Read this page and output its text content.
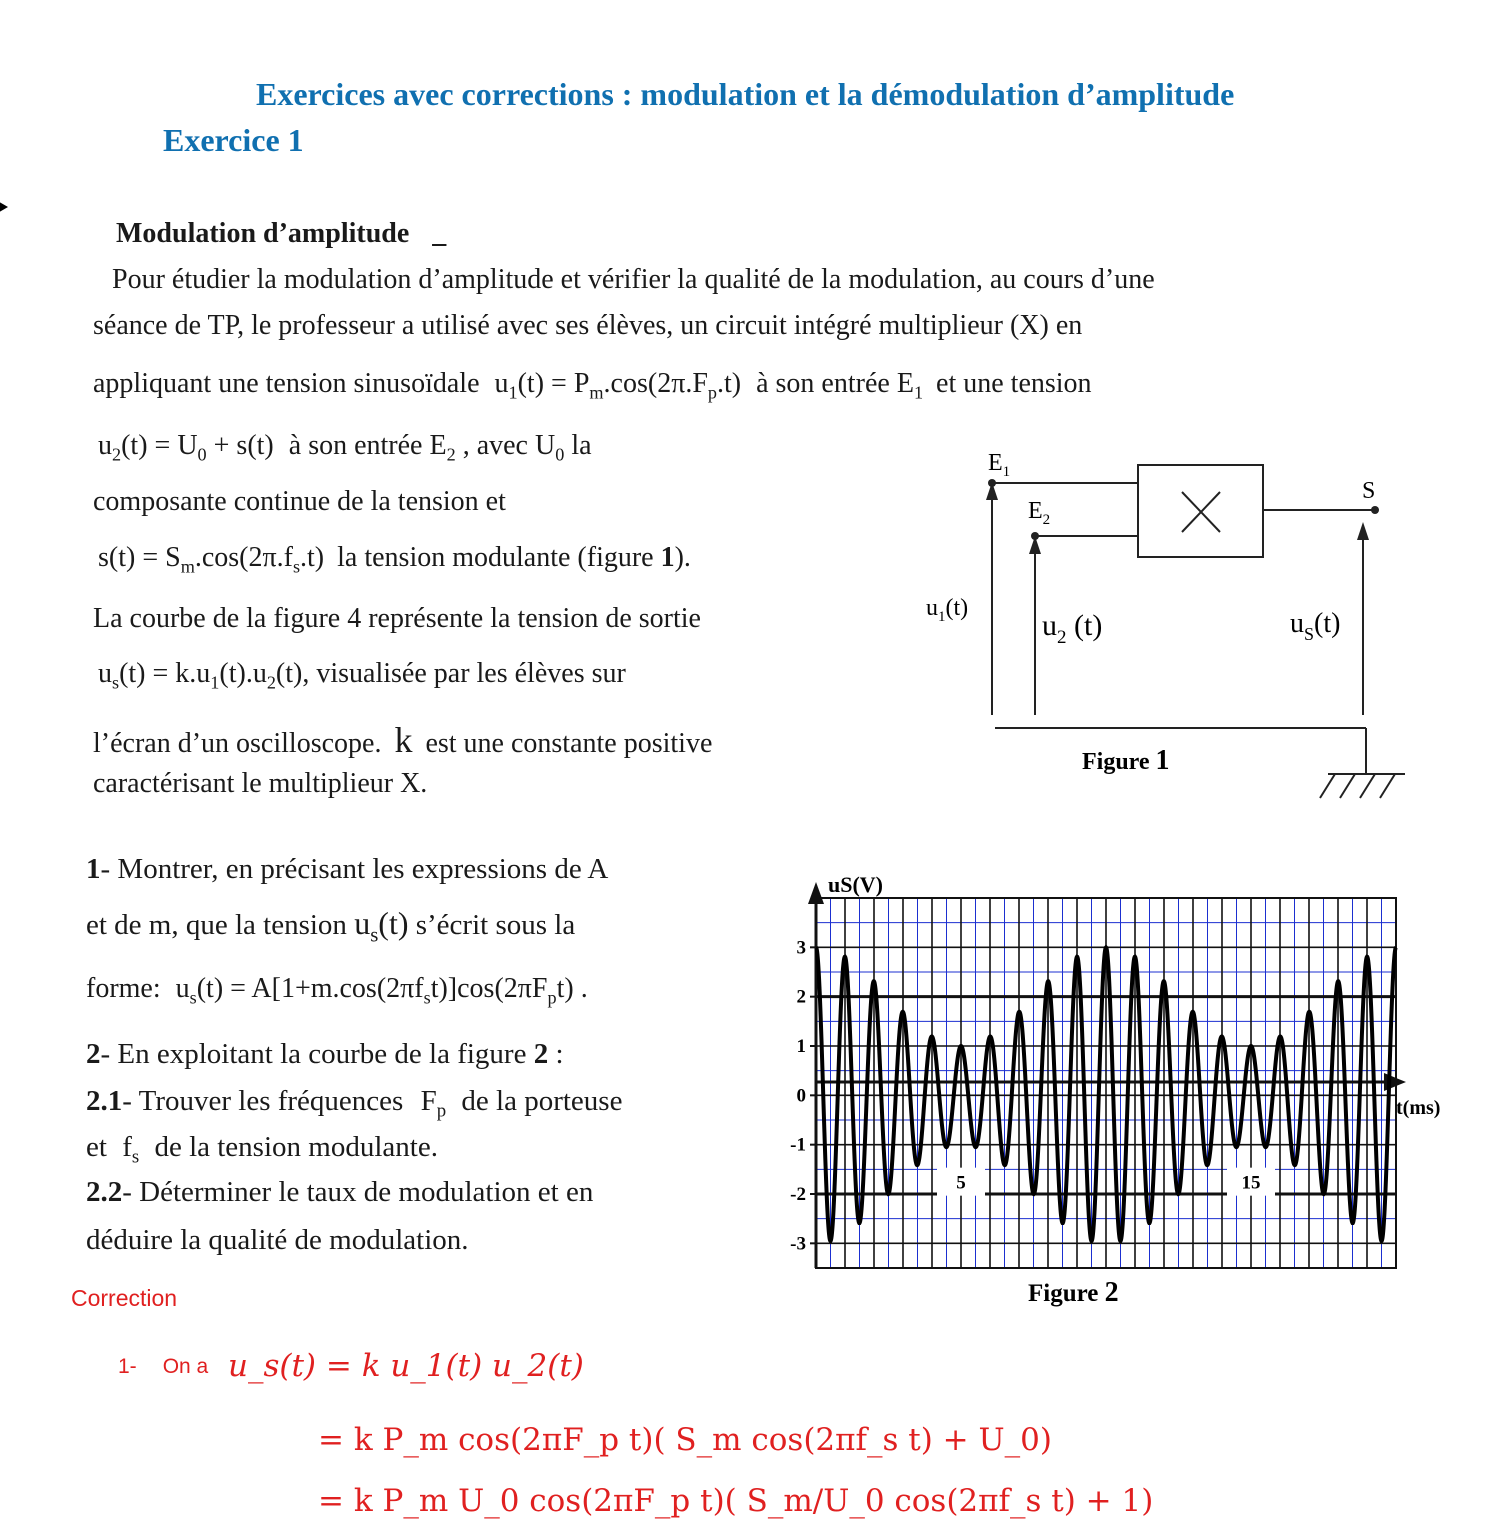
Exercices avec corrections : modulation et la démodulation d’amplitude
Exercice 1
Modulation d’amplitude _
Pour étudier la modulation d’amplitude et vérifier la qualité de la modulation, au cours d’une
séance de TP, le professeur a utilisé avec ses élèves, un circuit intégré multiplieur (X) en
appliquant une tension sinusoïdale $u_1(t) = P_m.\cos(2\pi.F_p.t)$ à son entrée $E_1$ et une tension
$u_2(t) = U_0 + s(t)$ à son entrée $E_2$ , avec $U_0$ la
composante continue de la tension et
$s(t) = S_m.\cos(2\pi.f_s.t)$ la tension modulante (figure 1).
La courbe de la figure 4 représente la tension de sortie
$u_s(t) = k.u_1(t).u_2(t)$, visualisée par les élèves sur
l’écran d’un oscilloscope. k est une constante positive
caractérisant le multiplieur X.
$E_1$
$E_2$
S
$u_1(t)$
$u_2$ (t)	$u_S(t)$
Figure 1
1- Montrer, en précisant les expressions de A
et de m, que la tension $u_s(t)$ s’écrit sous la
forme: $u_s(t) = A[1+m.\cos(2\pi f_st)]\cos(2\pi F_pt)$ .
2- En exploitant la courbe de la figure 2 :
2.1- Trouver les fréquences $F_p$ de la porteuse
et $f_s$ de la tension modulante.
2.2- Déterminer le taux de modulation et en
déduire la qualité de modulation.
3
2
1
0
-1
-2
-3
5	15
uS(V)
t(ms)
Figure 2
Correction
1- On a u_s(t) = k u_1(t) u_2(t)
= k P_m cos(2πF_p t)( S_m cos(2πf_s t) + U_0)
= k P_m U_0 cos(2πF_p t)( S_m/U_0 cos(2πf_s t) + 1)
